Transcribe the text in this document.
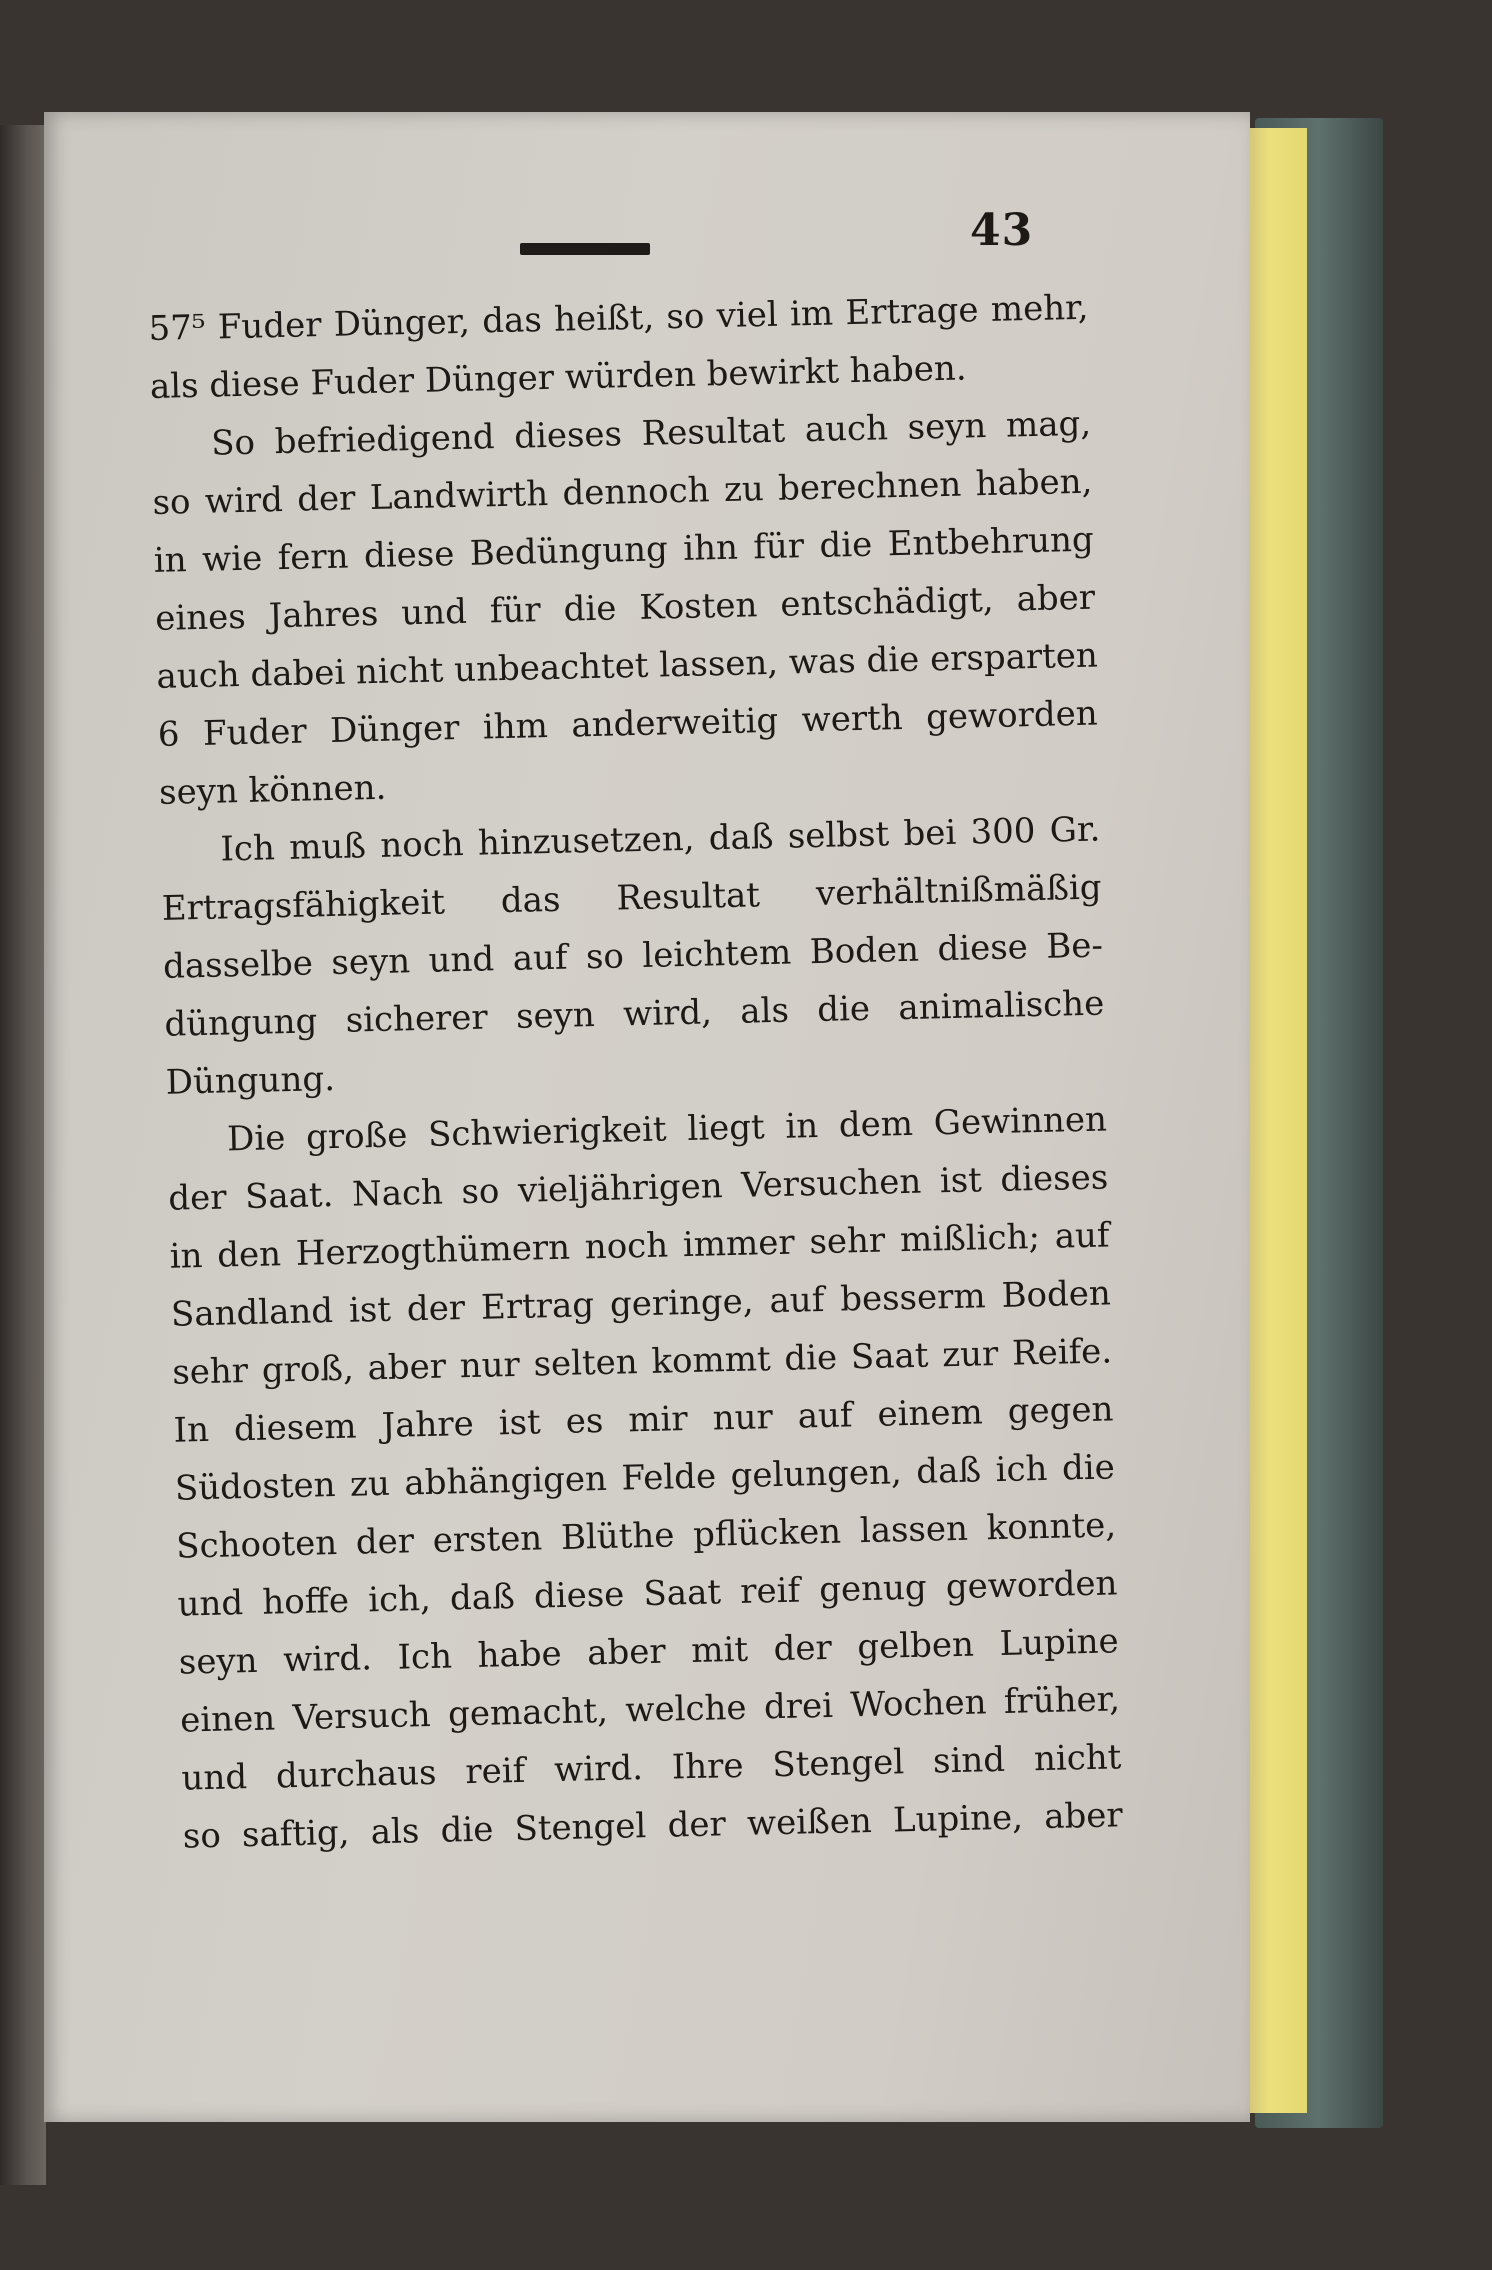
43
57⁵ Fuder Dünger, das heißt, so viel im Ertrage mehr,
als diese Fuder Dünger würden bewirkt haben.
So befriedigend dieses Resultat auch seyn mag,
so wird der Landwirth dennoch zu berechnen haben,
in wie fern diese Bedüngung ihn für die Entbehrung
eines Jahres und für die Kosten entschädigt, aber
auch dabei nicht unbeachtet lassen, was die ersparten
6 Fuder Dünger ihm anderweitig werth geworden
seyn können.
Ich muß noch hinzusetzen, daß selbst bei 300 Gr.
Ertragsfähigkeit das Resultat verhältnißmäßig
dasselbe seyn und auf so leichtem Boden diese Be-
düngung sicherer seyn wird, als die animalische
Düngung.
Die große Schwierigkeit liegt in dem Gewinnen
der Saat. Nach so vieljährigen Versuchen ist dieses
in den Herzogthümern noch immer sehr mißlich; auf
Sandland ist der Ertrag geringe, auf besserm Boden
sehr groß, aber nur selten kommt die Saat zur Reife.
In diesem Jahre ist es mir nur auf einem gegen
Südosten zu abhängigen Felde gelungen, daß ich die
Schooten der ersten Blüthe pflücken lassen konnte,
und hoffe ich, daß diese Saat reif genug geworden
seyn wird. Ich habe aber mit der gelben Lupine
einen Versuch gemacht, welche drei Wochen früher,
und durchaus reif wird. Ihre Stengel sind nicht
so saftig, als die Stengel der weißen Lupine, aber
